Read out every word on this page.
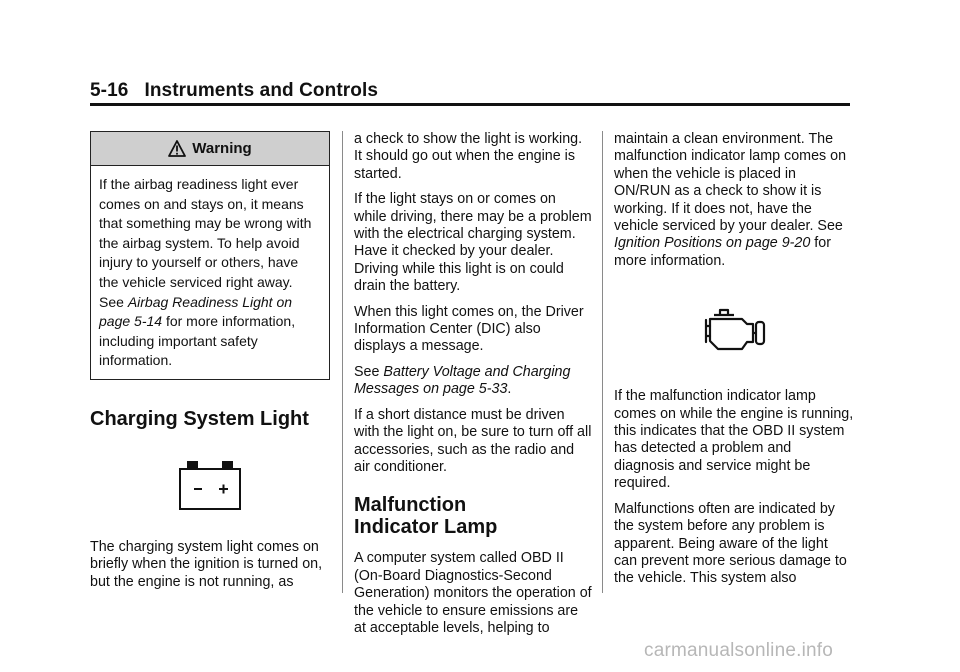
5-16 Instruments and Controls
Warning
If the airbag readiness light ever comes on and stays on, it means that something may be wrong with the airbag system. To help avoid injury to yourself or others, have the vehicle serviced right away. See Airbag Readiness Light on page 5-14 for more information, including important safety information.
Charging System Light

The charging system light comes on briefly when the ignition is turned on, but the engine is not running, as

a check to show the light is working. It should go out when the engine is started.

If the light stays on or comes on while driving, there may be a problem with the electrical charging system. Have it checked by your dealer. Driving while this light is on could drain the battery.

When this light comes on, the Driver Information Center (DIC) also displays a message.

See Battery Voltage and Charging Messages on page 5-33.

If a short distance must be driven with the light on, be sure to turn off all accessories, such as the radio and air conditioner.

Malfunction
Indicator Lamp

A computer system called OBD II (On-Board Diagnostics-Second Generation) monitors the operation of the vehicle to ensure emissions are at acceptable levels, helping to

maintain a clean environment. The malfunction indicator lamp comes on when the vehicle is placed in ON/RUN as a check to show it is working. If it does not, have the vehicle serviced by your dealer. See Ignition Positions on page 9-20 for more information.

If the malfunction indicator lamp comes on while the engine is running, this indicates that the OBD II system has detected a problem and diagnosis and service might be required.

Malfunctions often are indicated by the system before any problem is apparent. Being aware of the light can prevent more serious damage to the vehicle. This system also

carmanualsonline.info
